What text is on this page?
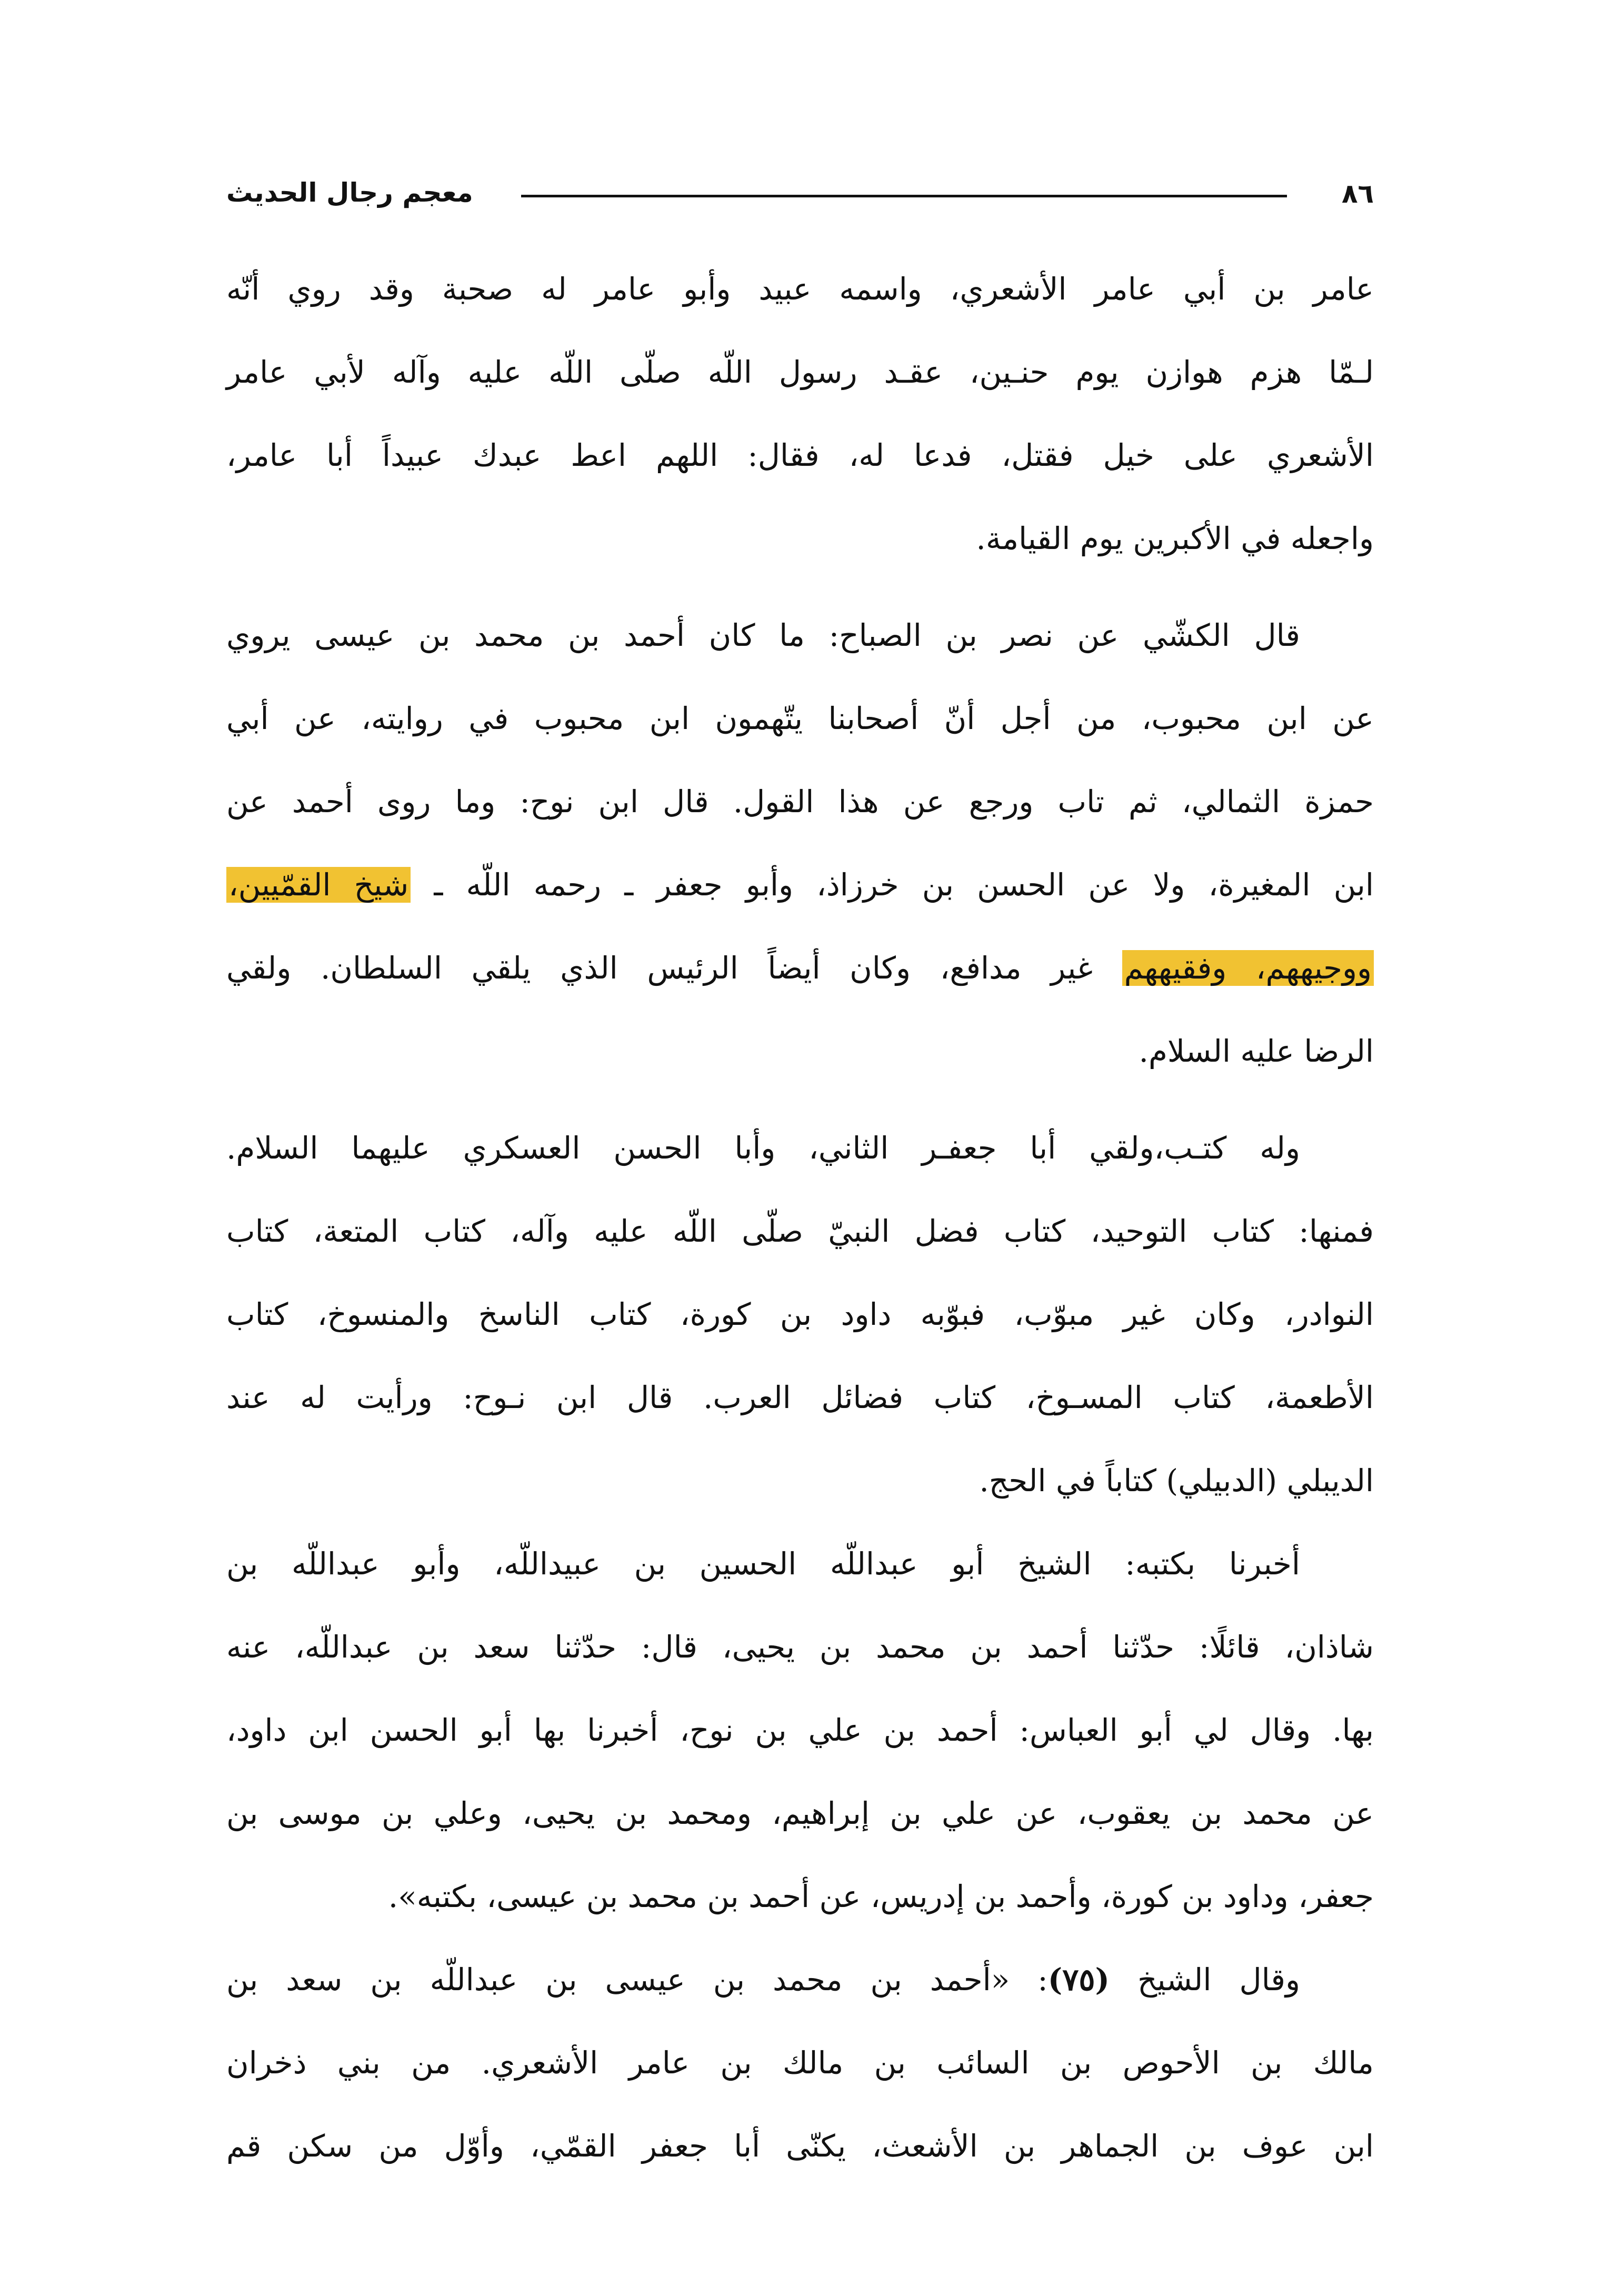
٨٦
معجم رجال الحديث
عامر بن أبي عامر الأشعري، واسمه عبيد وأبو عامر له صحبة وقد روي أنّه
لـمّا هزم هوازن يوم حنـين، عقـد رسول اللّه صلّى اللّه عليه وآله لأبي عامر
الأشعري على خيل فقتل، فدعا له، فقال: اللهم اعط عبدك عبيداً أبا عامر،
واجعله في الأكبرين يوم القيامة.
قال الكشّي عن نصر بن الصباح: ما كان أحمد بن محمد بن عيسى يروي
عن ابن محبوب، من أجل أنّ أصحابنا يتّهمون ابن محبوب في روايته، عن أبي
حمزة الثمالي، ثم تاب ورجع عن هذا القول. قال ابن نوح: وما روى أحمد عن
ابن المغيرة، ولا عن الحسن بن خرزاذ، وأبو جعفر ـ رحمه اللّه ـ شيخ القمّيين،
ووجيههم، وفقيههم غير مدافع، وكان أيضاً الرئيس الذي يلقي السلطان. ولقي
الرضا عليه السلام.
وله كتـب،ولقي أبا جعفـر الثاني، وأبا الحسن العسكري عليهما السلام.
فمنها: كتاب التوحيد، كتاب فضل النبيّ صلّى اللّه عليه وآله، كتاب المتعة، كتاب
النوادر، وكان غير مبوّب، فبوّبه داود بن كورة، كتاب الناسخ والمنسوخ، كتاب
الأطعمة، كتاب المسـوخ، كتاب فضائل العرب. قال ابن نـوح: ورأيت له عند
الديبلي (الدبيلي) كتاباً في الحج.
أخبرنا بكتبه: الشيخ أبو عبداللّه الحسين بن عبيداللّه، وأبو عبداللّه بن
شاذان، قائلًا: حدّثنا أحمد بن محمد بن يحيى، قال: حدّثنا سعد بن عبداللّه، عنه
بها. وقال لي أبو العباس: أحمد بن علي بن نوح، أخبرنا بها أبو الحسن ابن داود،
عن محمد بن يعقوب، عن علي بن إبراهيم، ومحمد بن يحيى، وعلي بن موسى بن
جعفر، وداود بن كورة، وأحمد بن إدريس، عن أحمد بن محمد بن عيسى، بكتبه».
وقال الشيخ (٧٥): «أحمد بن محمد بن عيسى بن عبداللّه بن سعد بن
مالك بن الأحوص بن السائب بن مالك بن عامر الأشعري. من بني ذخران
ابن عوف بن الجماهر بن الأشعث، يكنّى أبا جعفر القمّي، وأوّل من سكن قم
